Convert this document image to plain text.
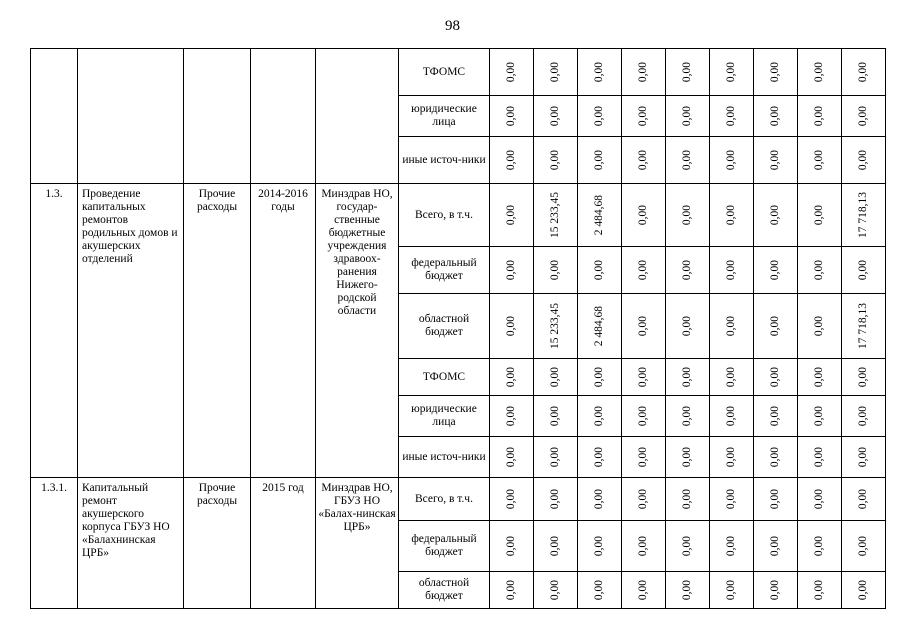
98
					ТФОМС	0,00	0,00	0,00	0,00	0,00	0,00	0,00	0,00	0,00

					юридические лица	0,00	0,00	0,00	0,00	0,00	0,00	0,00	0,00	0,00

					иные источ-ники	0,00	0,00	0,00	0,00	0,00	0,00	0,00	0,00	0,00

1.3.	Проведение капитальных ремонтов родильных домов и акушерских отделений	Прочие расходы	2014-2016 годы	Минздрав НО, государ-ственные бюджетные учреждения здравоох-ранения Нижего-родской области	Всего, в т.ч.	0,00	15 233,45	2 484,68	0,00	0,00	0,00	0,00	0,00	17 718,13

					федеральный бюджет	0,00	0,00	0,00	0,00	0,00	0,00	0,00	0,00	0,00

					областной бюджет	0,00	15 233,45	2 484,68	0,00	0,00	0,00	0,00	0,00	17 718,13

					ТФОМС	0,00	0,00	0,00	0,00	0,00	0,00	0,00	0,00	0,00

					юридические лица	0,00	0,00	0,00	0,00	0,00	0,00	0,00	0,00	0,00

					иные источ-ники	0,00	0,00	0,00	0,00	0,00	0,00	0,00	0,00	0,00

1.3.1.	Капитальный ремонт акушерского корпуса ГБУЗ НО «Балахнинская ЦРБ»	Прочие расходы	2015 год	Минздрав НО, ГБУЗ НО «Балах-нинская ЦРБ»	Всего, в т.ч.	0,00	0,00	0,00	0,00	0,00	0,00	0,00	0,00	0,00

					федеральный бюджет	0,00	0,00	0,00	0,00	0,00	0,00	0,00	0,00	0,00

					областной бюджет	0,00	0,00	0,00	0,00	0,00	0,00	0,00	0,00	0,00
